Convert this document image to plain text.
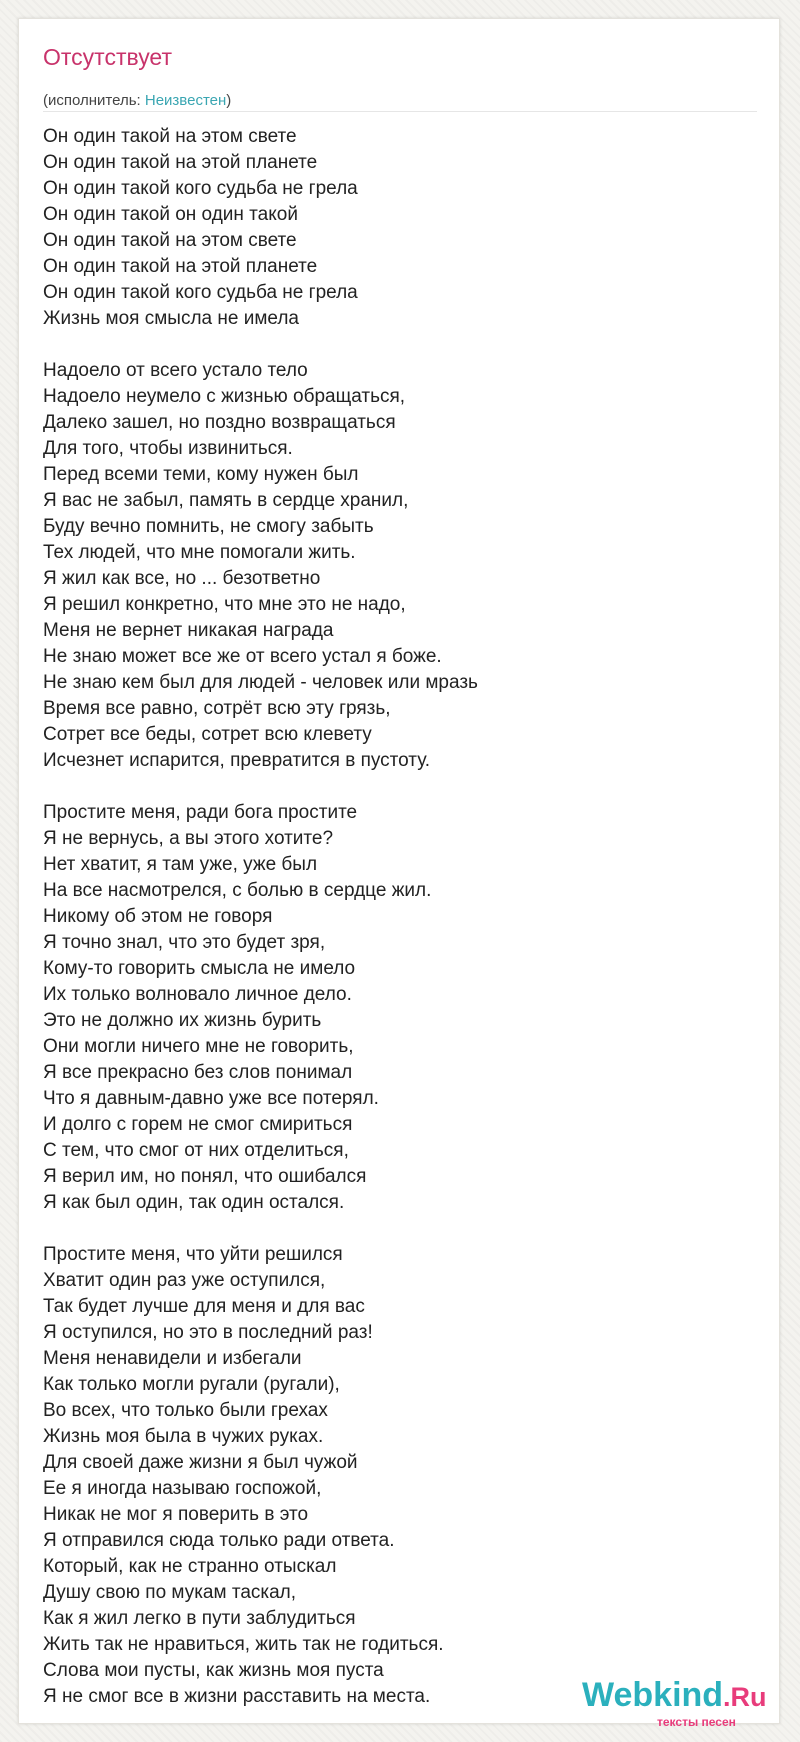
Отсутствует
(исполнитель: Неизвестен)
Он один такой на этом свете
Он один такой на этой планете
Он один такой кого судьба не грела
Он один такой он один такой
Он один такой на этом свете
Он один такой на этой планете
Он один такой кого судьба не грела
Жизнь моя смысла не имела
Надоело от всего устало тело
Надоело неумело с жизнью обращаться,
Далеко зашел, но поздно возвращаться
Для того, чтобы извиниться.
Перед всеми теми, кому нужен был
Я вас не забыл, память в сердце хранил,
Буду вечно помнить, не смогу забыть
Тех людей, что мне помогали жить.
Я жил как все, но ... безответно
Я решил конкретно, что мне это не надо,
Меня не вернет никакая награда
Не знаю может все же от всего устал я боже.
Не знаю кем был для людей - человек или мразь
Время все равно, сотрёт всю эту грязь,
Сотрет все беды, сотрет всю клевету
Исчезнет испарится, превратится в пустоту.
Простите меня, ради бога простите
Я не вернусь, а вы этого хотите?
Нет хватит, я там уже, уже был
На все насмотрелся, с болью в сердце жил.
Никому об этом не говоря
Я точно знал, что это будет зря,
Кому-то говорить смысла не имело
Их только волновало личное дело.
Это не должно их жизнь бурить
Они могли ничего мне не говорить,
Я все прекрасно без слов понимал
Что я давным-давно уже все потерял.
И долго с горем не смог смириться
С тем, что смог от них отделиться,
Я верил им, но понял, что ошибался
Я как был один, так один остался.
Простите меня, что уйти решился
Хватит один раз уже оступился,
Так будет лучше для меня и для вас
Я оступился, но это в последний раз!
Меня ненавидели и избегали
Как только могли ругали (ругали),
Во всех, что только были грехах
Жизнь моя была в чужих руках.
Для своей даже жизни я был чужой
Ее я иногда называю госпожой,
Никак не мог я поверить в это
Я отправился сюда только ради ответа.
Который, как не странно отыскал
Душу свою по мукам таскал,
Как я жил легко в пути заблудиться
Жить так не нравиться, жить так не годиться.
Слова мои пусты, как жизнь моя пуста
Я не смог все в жизни расставить на места.	Webkind.Ru
тексты песен
